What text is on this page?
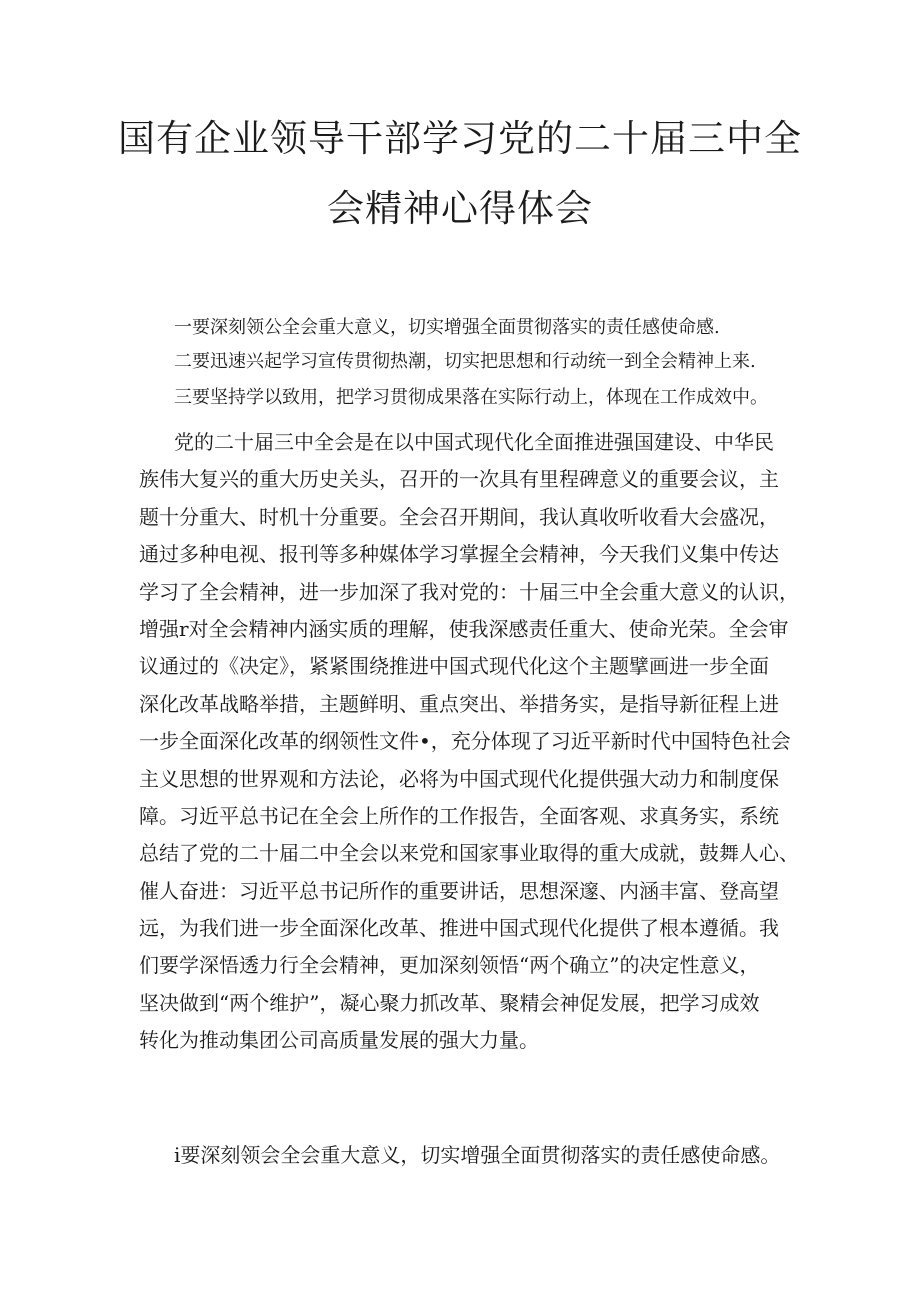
国有企业领导干部学习党的二十届三中全
会精神心得体会

一要深刻领公全会重大意义，切实增强全面贯彻落实的责任感使命感.

二要迅速兴起学习宣传贯彻热潮，切实把思想和行动统一到全会精神上来.

三要坚持学以致用，把学习贯彻成果落在实际行动上，体现在工作成效中。

党的二十届三中全会是在以中国式现代化全面推进强国建设、中华民
族伟大复兴的重大历史关头，召开的一次具有里程碑意义的重要会议，主
题十分重大、时机十分重要。全会召开期间，我认真收听收看大会盛况，
通过多种电视、报刊等多种媒体学习掌握全会精神，今天我们义集中传达
学习了全会精神，进一步加深了我对党的：十届三中全会重大意义的认识，
增强r对全会精神内涵实质的理解，使我深感责任重大、使命光荣。全会审
议通过的《决定》，紧紧围绕推进中国式现代化这个主题擘画进一步全面
深化改革战略举措，主题鲜明、重点突出、举措务实，是指导新征程上进
一步全面深化改革的纲领性文件•，充分体现了习近平新时代中国特色社会
主义思想的世界观和方法论，必将为中国式现代化提供强大动力和制度保
障。习近平总书记在全会上所作的工作报告，全面客观、求真务实，系统
总结了党的二十届二中全会以来党和国家事业取得的重大成就，鼓舞人心、
催人奋进：习近平总书记所作的重要讲话，思想深邃、内涵丰富、登高望
远，为我们进一步全面深化改革、推进中国式现代化提供了根本遵循。我
们要学深悟透力行全会精神，更加深刻领悟“两个确立”的决定性意义，
坚决做到“两个维护”，凝心聚力抓改革、聚精会神促发展，把学习成效
转化为推动集团公司高质量发展的强大力量。

i要深刻领会全会重大意义，切实增强全面贯彻落实的责任感使命感。
